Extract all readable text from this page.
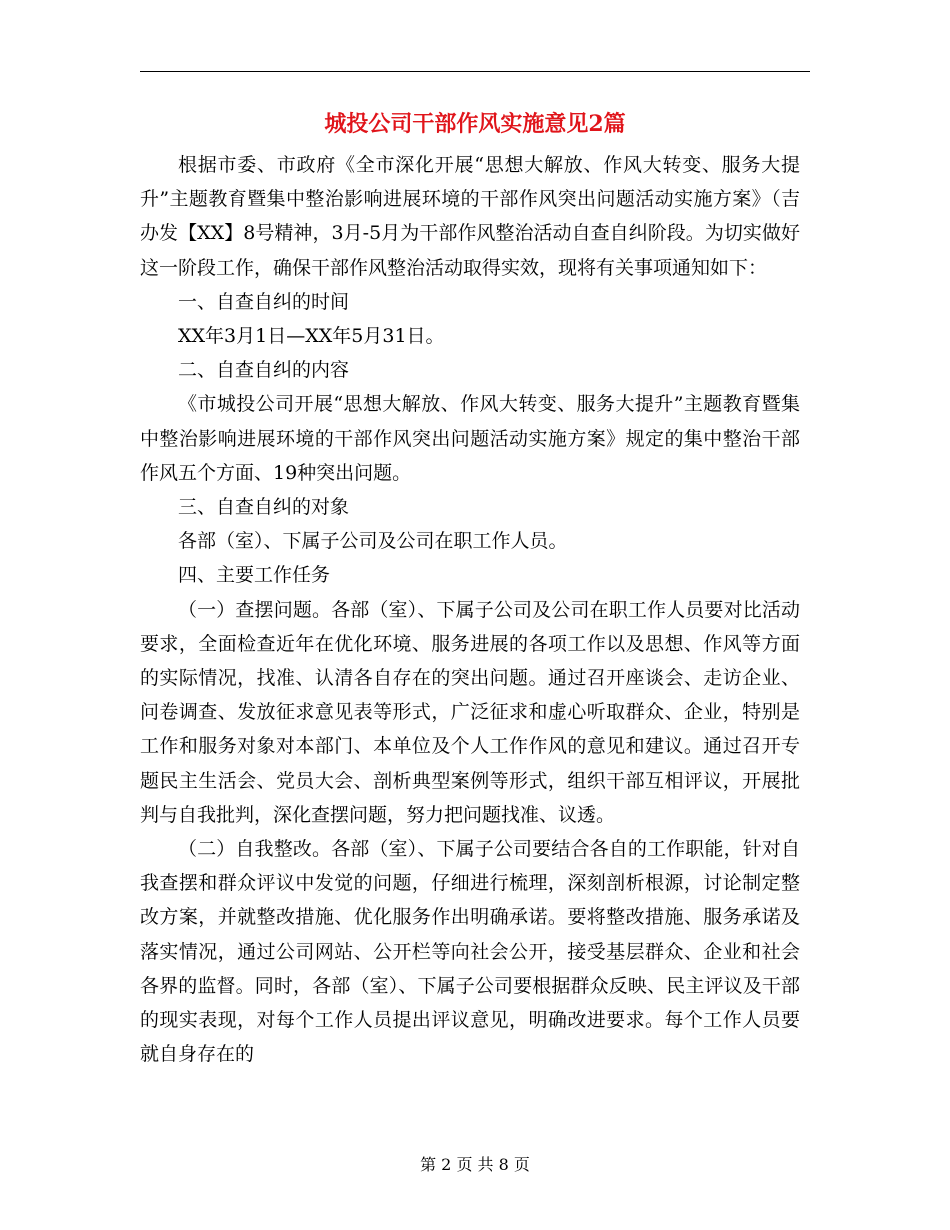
城投公司干部作风实施意见2篇

根据市委、市政府《全市深化开展“思想大解放、作风大转变、服务大提升”主题教育暨集中整治影响进展环境的干部作风突出问题活动实施方案》（吉办发【XX】8号精神，3月-5月为干部作风整治活动自查自纠阶段。为切实做好这一阶段工作，确保干部作风整治活动取得实效，现将有关事项通知如下：

一、自查自纠的时间

XX年3月1日—XX年5月31日。

二、自查自纠的内容

《市城投公司开展“思想大解放、作风大转变、服务大提升”主题教育暨集中整治影响进展环境的干部作风突出问题活动实施方案》规定的集中整治干部作风五个方面、19种突出问题。

三、自查自纠的对象

各部（室）、下属子公司及公司在职工作人员。

四、主要工作任务

（一）查摆问题。各部（室）、下属子公司及公司在职工作人员要对比活动要求，全面检查近年在优化环境、服务进展的各项工作以及思想、作风等方面的实际情况，找准、认清各自存在的突出问题。通过召开座谈会、走访企业、问卷调查、发放征求意见表等形式，广泛征求和虚心听取群众、企业，特别是工作和服务对象对本部门、本单位及个人工作作风的意见和建议。通过召开专题民主生活会、党员大会、剖析典型案例等形式，组织干部互相评议，开展批判与自我批判，深化查摆问题，努力把问题找准、议透。

（二）自我整改。各部（室）、下属子公司要结合各自的工作职能，针对自我查摆和群众评议中发觉的问题，仔细进行梳理，深刻剖析根源，讨论制定整改方案，并就整改措施、优化服务作出明确承诺。要将整改措施、服务承诺及落实情况，通过公司网站、公开栏等向社会公开，接受基层群众、企业和社会各界的监督。同时，各部（室）、下属子公司要根据群众反映、民主评议及干部的现实表现，对每个工作人员提出评议意见，明确改进要求。每个工作人员要就自身存在的

第 2 页 共 8 页
